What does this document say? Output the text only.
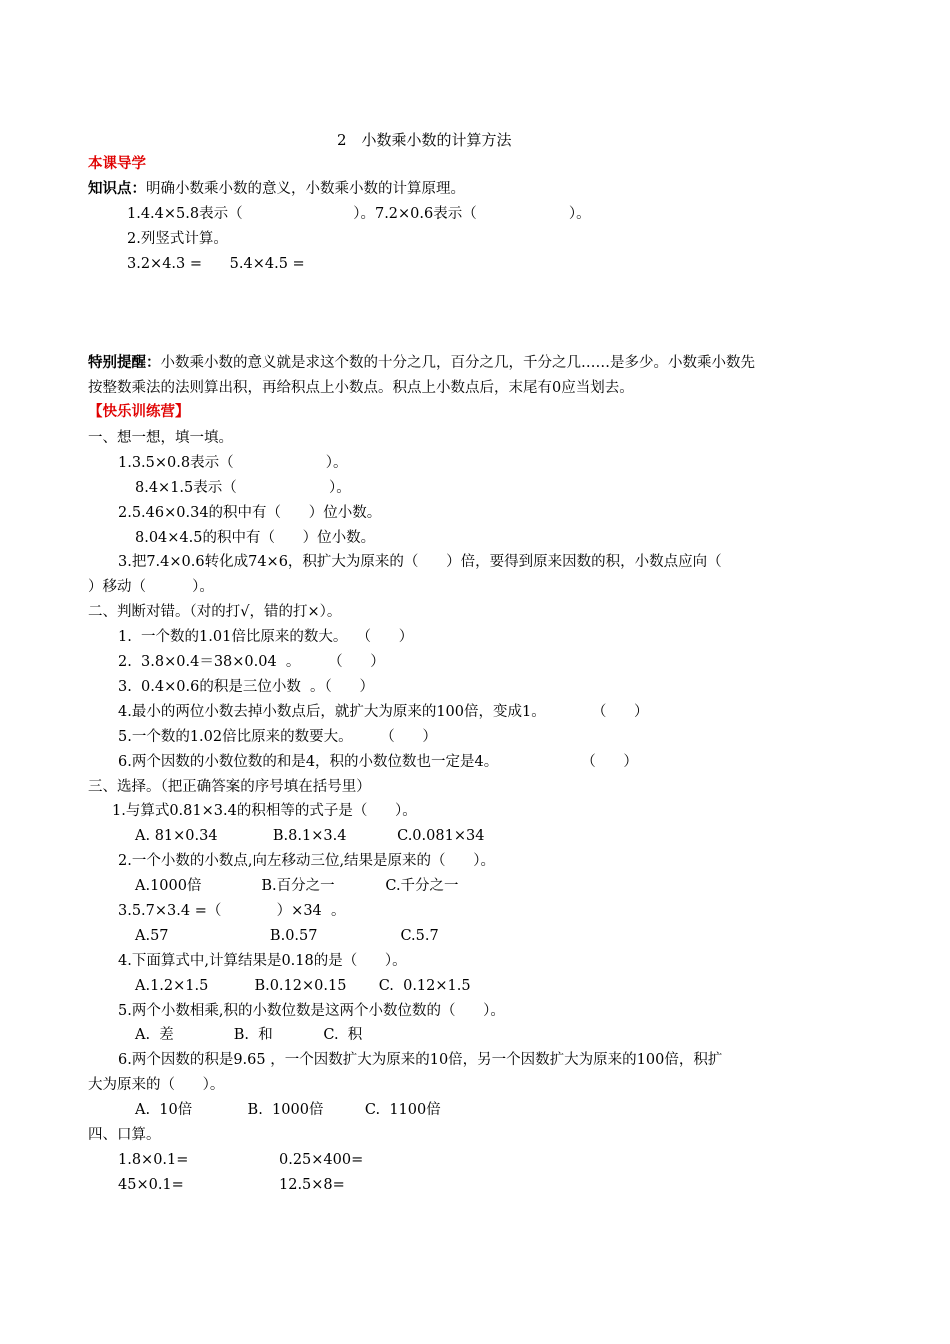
2　小数乘小数的计算方法
本课导学
知识点：明确小数乘小数的意义，小数乘小数的计算原理。
1.4.4×5.8表示（                        ）。7.2×0.6表示（                    ）。
2.列竖式计算。
3.2×4.3 =      5.4×4.5 =
特别提醒：小数乘小数的意义就是求这个数的十分之几，百分之几，千分之几……是多少。小数乘小数先
按整数乘法的法则算出积，再给积点上小数点。积点上小数点后，末尾有0应当划去。
【快乐训练营】
一、想一想，填一填。
1.3.5×0.8表示（                    ）。
8.4×1.5表示（                    ）。
2.5.46×0.34的积中有（      ）位小数。
8.04×4.5的积中有（      ）位小数。
3.把7.4×0.6转化成74×6，积扩大为原来的（      ）倍，要得到原来因数的积，小数点应向（
）移动（          ）。
二、判断对错。（对的打√，错的打×）。
1.  一个数的1.01倍比原来的数大。  （      ）
2.  3.8×0.4＝38×0.04  。      （      ）
3.  0.4×0.6的积是三位小数  。（      ）
4.最小的两位小数去掉小数点后，就扩大为原来的100倍，变成1。          （      ）
5.一个数的1.02倍比原来的数要大。      （      ）
6.两个因数的小数位数的和是4，积的小数位数也一定是4。                  （      ）
三、选择。（把正确答案的序号填在括号里）
1.与算式0.81×3.4的积相等的式子是（      ）。
A. 81×0.34            B.8.1×3.4           C.0.081×34
2.一个小数的小数点,向左移动三位,结果是原来的（      ）。
A.1000倍             B.百分之一           C.千分之一
3.5.7×3.4 =（            ）×34  。
A.57                      B.0.57                  C.5.7
4.下面算式中,计算结果是0.18的是（      ）。
A.1.2×1.5          B.0.12×0.15       C.  0.12×1.5
5.两个小数相乘,积的小数位数是这两个小数位数的（      ）。
A.  差             B.  和           C.  积
6.两个因数的积是9.65 ，一个因数扩大为原来的10倍，另一个因数扩大为原来的100倍，积扩
大为原来的（      ）。
A.  10倍            B.  1000倍         C.  1100倍
四、口算。
1.8×0.1=	0.25×400=
45×0.1=	12.5×8=
